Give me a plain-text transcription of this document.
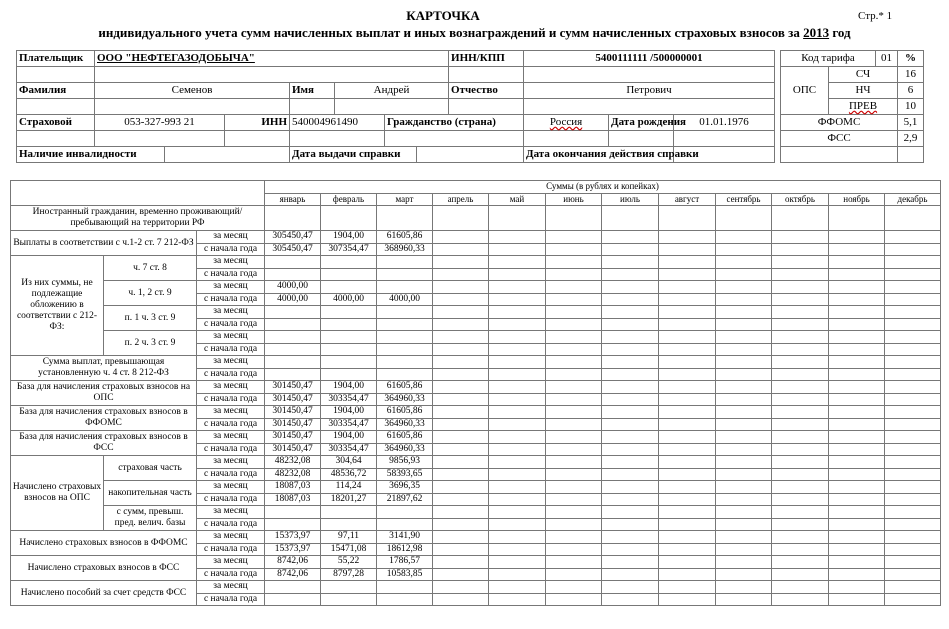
КАРТОЧКА	Стр.* 1
индивидуального учета сумм начисленных выплат и иных вознаграждений и сумм начисленных страховых взносов за 2013 год
Плательщик	ООО "НЕФТЕГАЗОДОБЫЧА"							ИНН/КПП	5400111111 /500000001		

Фамилия	Семенов			Имя	Андрей			Отчество	Петрович		

Страховой	053-327-993 21		ИНН	540004961490		Гражданство (страна)			Россия	Дата рождения	01.01.1976

Наличие инвалидности				Дата выдачи справки					Дата окончания действия справки		
Код тарифа		01	%
ОПС	СЧ		16
	НЧ		6
	ПРЕВ		10
ФФОМС			5,1
ФСС			2,9

			Суммы (в рублях и копейках)											
			январь	февраль	март	апрель	май	июнь	июль	август	сентябрь	октябрь	ноябрь	декабрь
Иностранный гражданин, временно проживающий/ пребывающий на территории РФ														
Выплаты в соответствии с ч.1-2 ст. 7 212-ФЗ		за месяц	305450,47	1904,00	61605,86									
		с начала года	305450,47	307354,47	368960,33									
Из них суммы, не подлежащие обложению в соответствии с 212-ФЗ:	ч. 7 ст. 8	за месяц												
		с начала года												
	ч. 1, 2 ст. 9	за месяц	4000,00											
		с начала года	4000,00	4000,00	4000,00									
	п. 1 ч. 3 ст. 9	за месяц												
		с начала года												
	п. 2 ч. 3 ст. 9	за месяц												
		с начала года												
Сумма выплат, превышающая установленную ч. 4 ст. 8 212-ФЗ		за месяц												
		с начала года												
База для начисления страховых взносов на ОПС		за месяц	301450,47	1904,00	61605,86									
		с начала года	301450,47	303354,47	364960,33									
База для начисления страховых взносов в ФФОМС		за месяц	301450,47	1904,00	61605,86									
		с начала года	301450,47	303354,47	364960,33									
База для начисления страховых взносов в ФСС		за месяц	301450,47	1904,00	61605,86									
		с начала года	301450,47	303354,47	364960,33									
Начислено страховых взносов на ОПС	страховая часть	за месяц	48232,08	304,64	9856,93									
		с начала года	48232,08	48536,72	58393,65									
	накопительная часть	за месяц	18087,03	114,24	3696,35									
		с начала года	18087,03	18201,27	21897,62									
	с сумм, превыш. пред. велич. базы	за месяц												
		с начала года												
Начислено страховых взносов в ФФОМС		за месяц	15373,97	97,11	3141,90									
		с начала года	15373,97	15471,08	18612,98									
Начислено страховых взносов в ФСС		за месяц	8742,06	55,22	1786,57									
		с начала года	8742,06	8797,28	10583,85									
Начислено пособий за счет средств ФСС		за месяц												
		с начала года												
